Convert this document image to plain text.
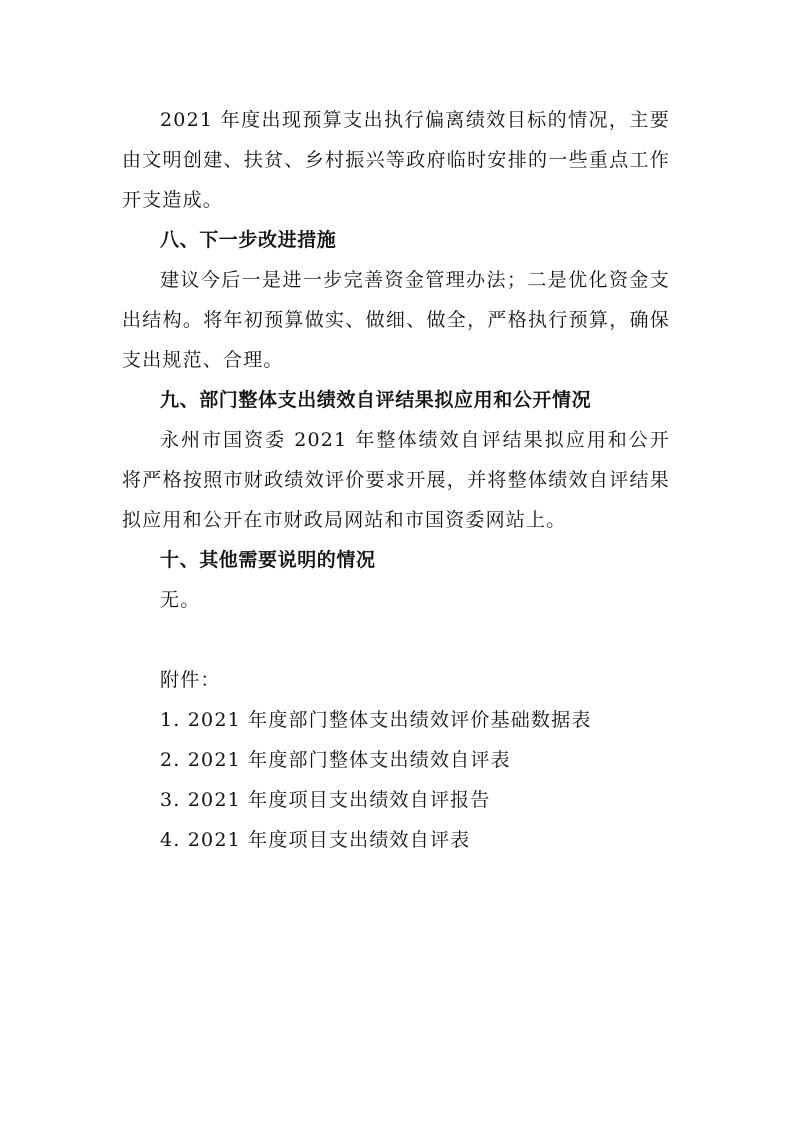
2021 年度出现预算支出执行偏离绩效目标的情况，主要由文明创建、扶贫、乡村振兴等政府临时安排的一些重点工作开支造成。

八、下一步改进措施

建议今后一是进一步完善资金管理办法；二是优化资金支出结构。将年初预算做实、做细、做全，严格执行预算，确保支出规范、合理。

九、部门整体支出绩效自评结果拟应用和公开情况

永州市国资委 2021 年整体绩效自评结果拟应用和公开将严格按照市财政绩效评价要求开展，并将整体绩效自评结果拟应用和公开在市财政局网站和市国资委网站上。

十、其他需要说明的情况

无。

附件：

1. 2021 年度部门整体支出绩效评价基础数据表

2. 2021 年度部门整体支出绩效自评表

3. 2021 年度项目支出绩效自评报告

4. 2021 年度项目支出绩效自评表
